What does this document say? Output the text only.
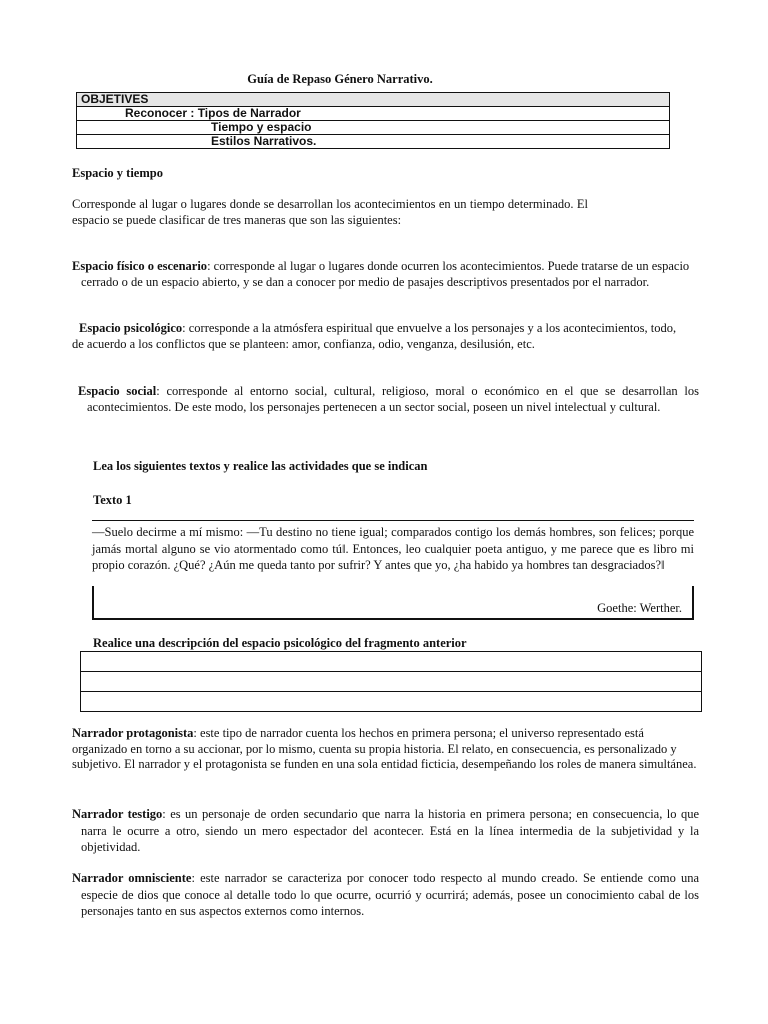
Guía de Repaso Género Narrativo.
OBJETIVES
Reconocer : Tipos de Narrador
Tiempo y espacio
Estilos Narrativos.
Espacio y tiempo

Corresponde al lugar o lugares donde se desarrollan los acontecimientos en un tiempo determinado. El espacio se puede clasificar de tres maneras que son las siguientes:

Espacio físico o escenario: corresponde al lugar o lugares donde ocurren los acontecimientos. Puede tratarse de un espacio cerrado o de un espacio abierto, y se dan a conocer por medio de pasajes descriptivos presentados por el narrador.

Espacio psicológico: corresponde a la atmósfera espiritual que envuelve a los personajes y a los acontecimientos, todo, de acuerdo a los conflictos que se planteen: amor, confianza, odio, venganza, desilusión, etc.

Espacio social: corresponde al entorno social, cultural, religioso, moral o económico en el que se desarrollan los acontecimientos. De este modo, los personajes pertenecen a un sector social, poseen un nivel intelectual y cultural.

Lea los siguientes textos y realice las actividades que se indican
Texto 1

―Suelo decirme a mí mismo: ―Tu destino no tiene igual; comparados contigo los demás hombres, son felices; porque jamás mortal alguno se vio atormentado como tú‖. Entonces, leo cualquier poeta antiguo, y me parece que es libro mi propio corazón. ¿Qué? ¿Aún me queda tanto por sufrir? Y antes que yo, ¿ha habido ya hombres tan desgraciados?‖

Goethe: Werther.
Realice una descripción del espacio psicológico del fragmento anterior

Narrador protagonista: este tipo de narrador cuenta los hechos en primera persona; el universo representado está organizado en torno a su accionar, por lo mismo, cuenta su propia historia. El relato, en consecuencia, es personalizado y subjetivo. El narrador y el protagonista se funden en una sola entidad ficticia, desempeñando los roles de manera simultánea.

Narrador testigo: es un personaje de orden secundario que narra la historia en primera persona; en consecuencia, lo que narra le ocurre a otro, siendo un mero espectador del acontecer. Está en la línea intermedia de la subjetividad y la objetividad.

Narrador omnisciente: este narrador se caracteriza por conocer todo respecto al mundo creado. Se entiende como una especie de dios que conoce al detalle todo lo que ocurre, ocurrió y ocurrirá; además, posee un conocimiento cabal de los personajes tanto en sus aspectos externos como internos.
